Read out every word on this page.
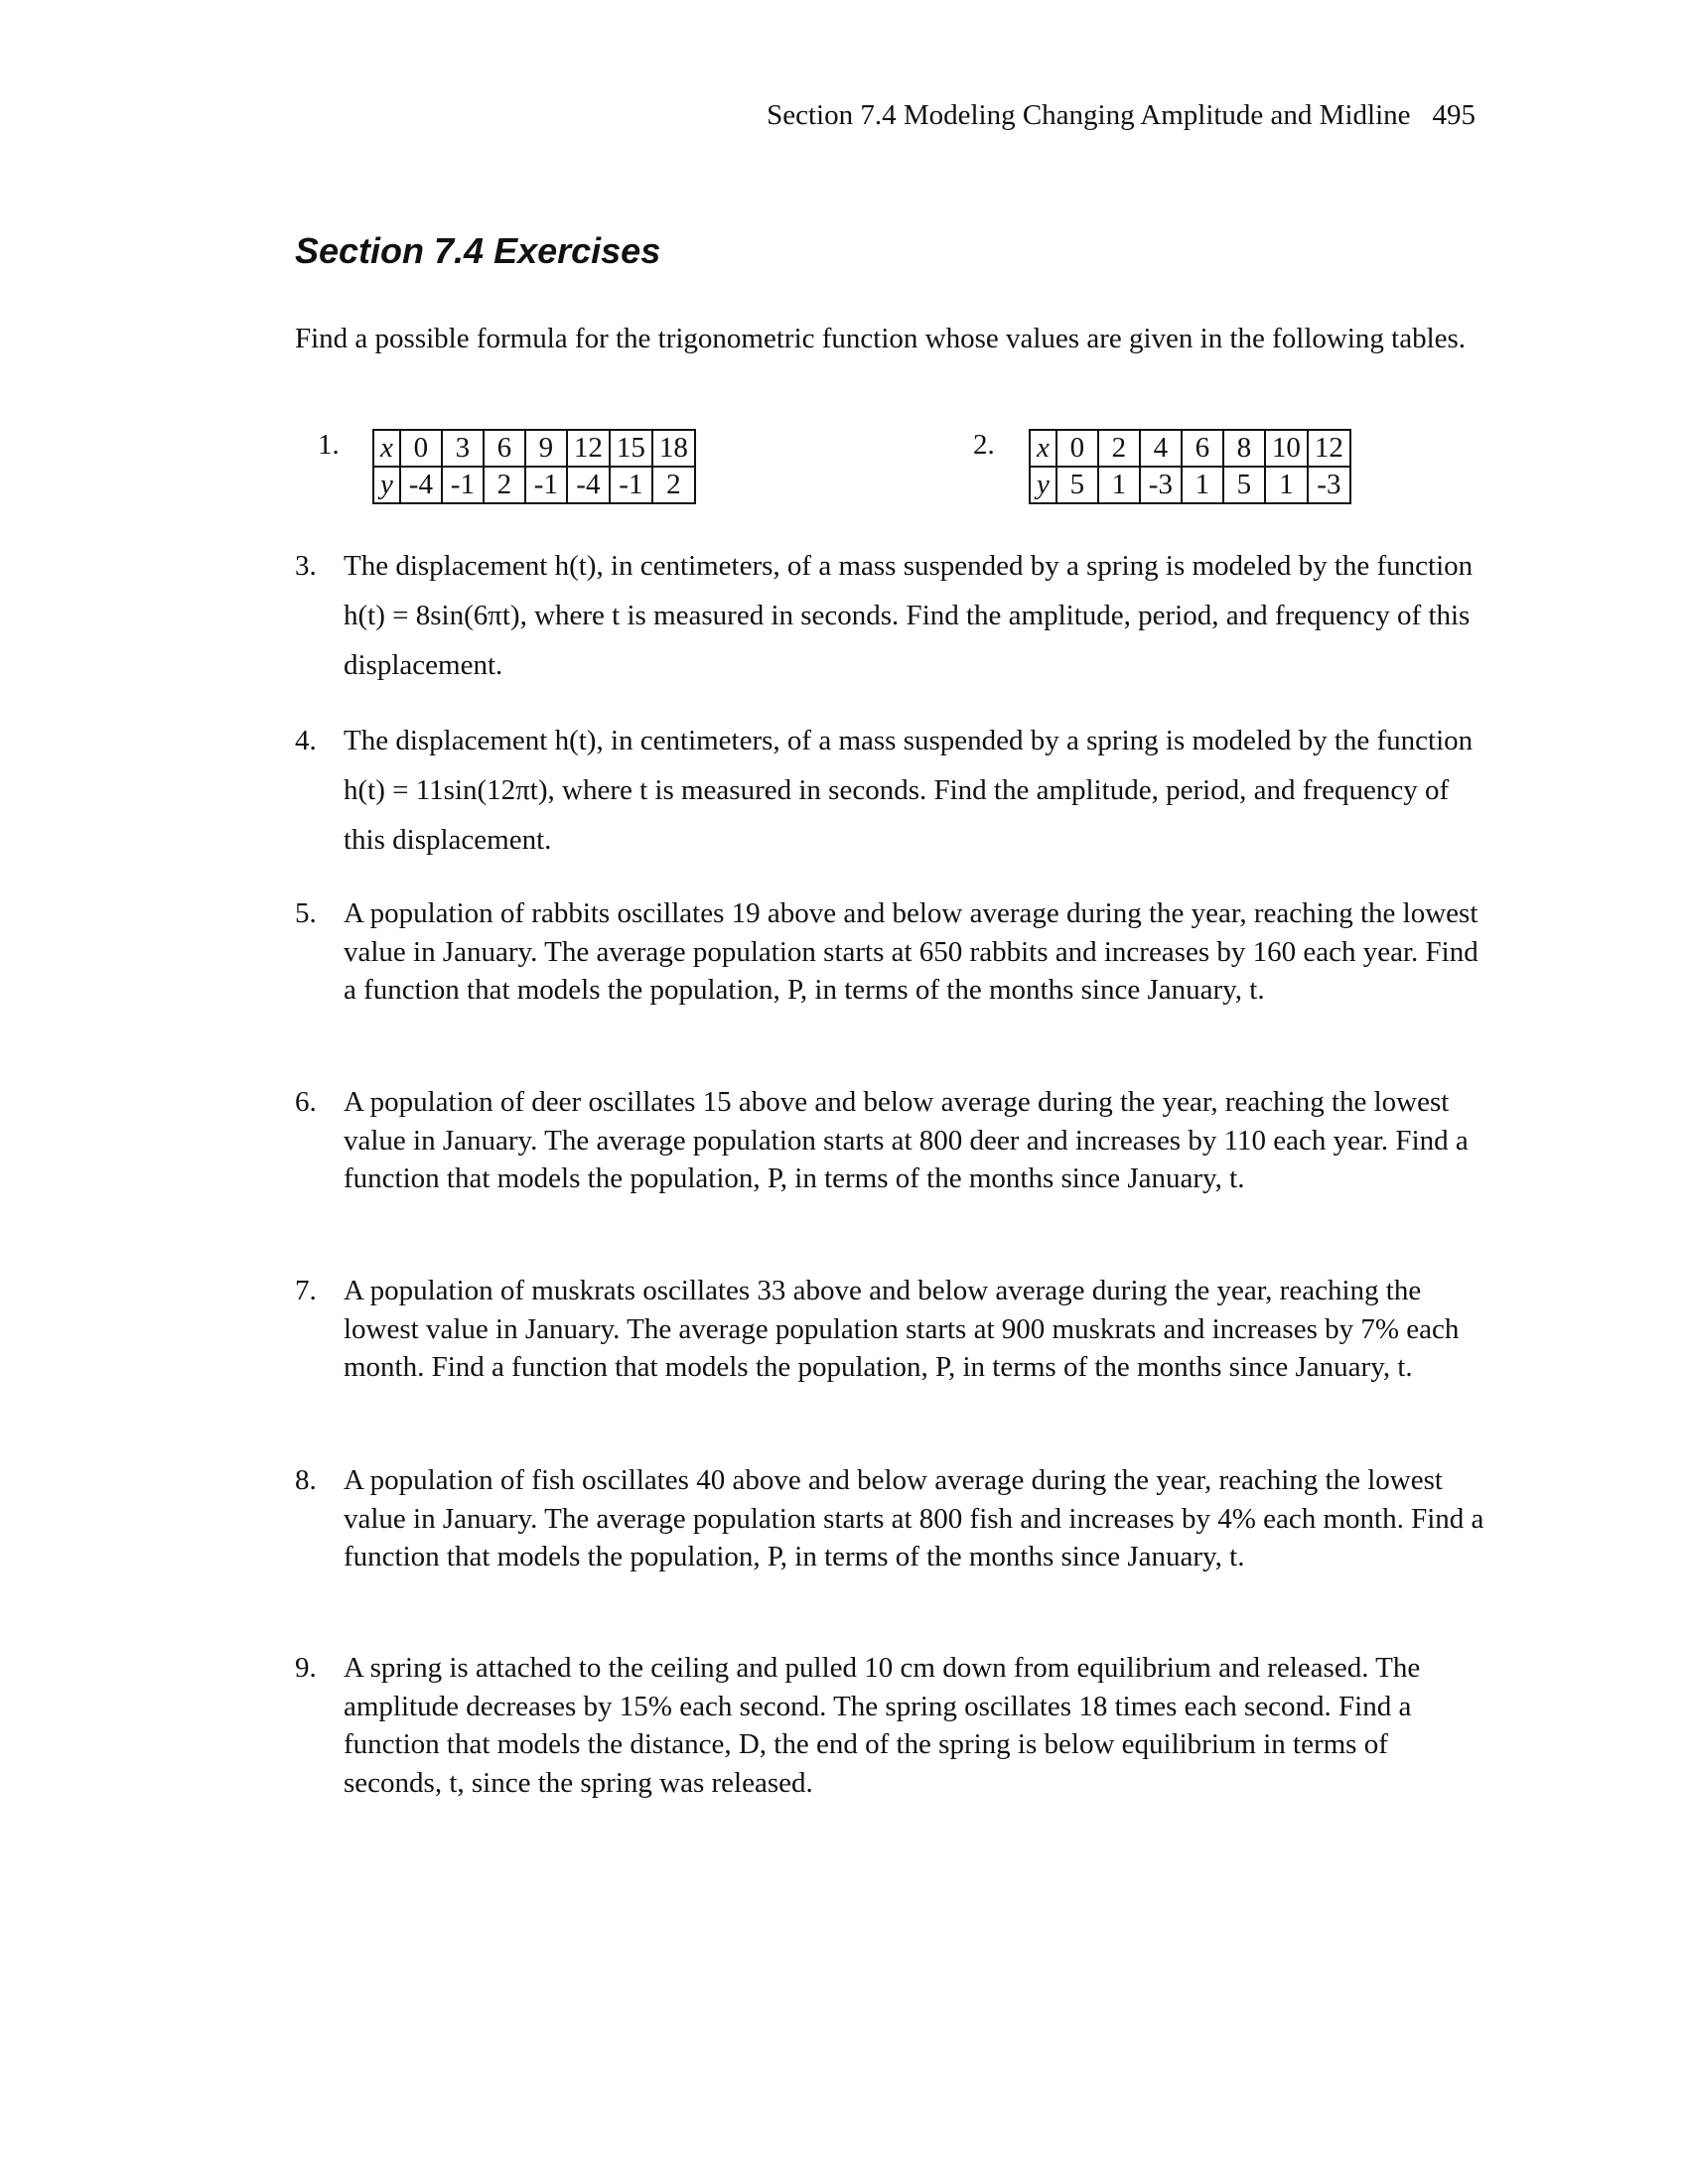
Section 7.4 Modeling Changing Amplitude and Midline 495
Section 7.4 Exercises
Find a possible formula for the trigonometric function whose values are given in the following tables.
1. x	0	3	6	9	12	15	18
y	-4	-1	2	-1	-4	-1	2
2. x	0	2	4	6	8	10	12
y	5	1	-3	1	5	1	-3
3. The displacement h(t), in centimeters, of a mass suspended by a spring is modeled by the function h(t) = 8sin(6πt), where t is measured in seconds. Find the amplitude, period, and frequency of this displacement.
4. The displacement h(t), in centimeters, of a mass suspended by a spring is modeled by the function h(t) = 11sin(12πt), where t is measured in seconds. Find the amplitude, period, and frequency of this displacement.
5. A population of rabbits oscillates 19 above and below average during the year, reaching the lowest value in January. The average population starts at 650 rabbits and increases by 160 each year. Find a function that models the population, P, in terms of the months since January, t.
6. A population of deer oscillates 15 above and below average during the year, reaching the lowest value in January. The average population starts at 800 deer and increases by 110 each year. Find a function that models the population, P, in terms of the months since January, t.
7. A population of muskrats oscillates 33 above and below average during the year, reaching the lowest value in January. The average population starts at 900 muskrats and increases by 7% each month. Find a function that models the population, P, in terms of the months since January, t.
8. A population of fish oscillates 40 above and below average during the year, reaching the lowest value in January. The average population starts at 800 fish and increases by 4% each month. Find a function that models the population, P, in terms of the months since January, t.
9. A spring is attached to the ceiling and pulled 10 cm down from equilibrium and released. The amplitude decreases by 15% each second. The spring oscillates 18 times each second. Find a function that models the distance, D, the end of the spring is below equilibrium in terms of seconds, t, since the spring was released.
